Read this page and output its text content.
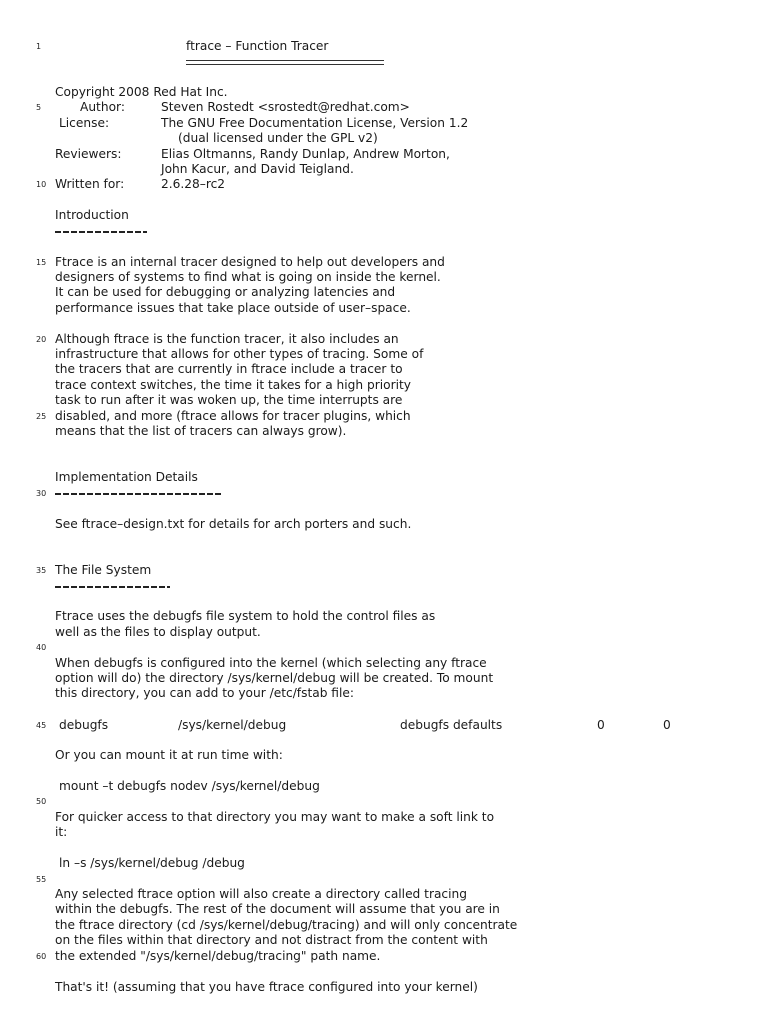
1
5
10
15
20
25
30
35
40
45
50
55
60
ftrace – Function Tracer
Copyright 2008 Red Hat Inc.
Author:	Steven Rostedt <srostedt@redhat.com>
License:	The GNU Free Documentation License, Version 1.2
(dual licensed under the GPL v2)
Reviewers:	Elias Oltmanns, Randy Dunlap, Andrew Morton,
John Kacur, and David Teigland.
Written for:	2.6.28–rc2
Introduction
Ftrace is an internal tracer designed to help out developers and
designers of systems to find what is going on inside the kernel.
It can be used for debugging or analyzing latencies and
performance issues that take place outside of user–space.
Although ftrace is the function tracer, it also includes an
infrastructure that allows for other types of tracing. Some of
the tracers that are currently in ftrace include a tracer to
trace context switches, the time it takes for a high priority
task to run after it was woken up, the time interrupts are
disabled, and more (ftrace allows for tracer plugins, which
means that the list of tracers can always grow).
Implementation Details
See ftrace–design.txt for details for arch porters and such.
The File System
Ftrace uses the debugfs file system to hold the control files as
well as the files to display output.
When debugfs is configured into the kernel (which selecting any ftrace
option will do) the directory /sys/kernel/debug will be created. To mount
this directory, you can add to your /etc/fstab file:
debugfs	/sys/kernel/debug	debugfs defaults	0	0
Or you can mount it at run time with:
mount –t debugfs nodev /sys/kernel/debug
For quicker access to that directory you may want to make a soft link to
it:
ln –s /sys/kernel/debug /debug
Any selected ftrace option will also create a directory called tracing
within the debugfs. The rest of the document will assume that you are in
the ftrace directory (cd /sys/kernel/debug/tracing) and will only concentrate
on the files within that directory and not distract from the content with
the extended "/sys/kernel/debug/tracing" path name.
That's it! (assuming that you have ftrace configured into your kernel)
